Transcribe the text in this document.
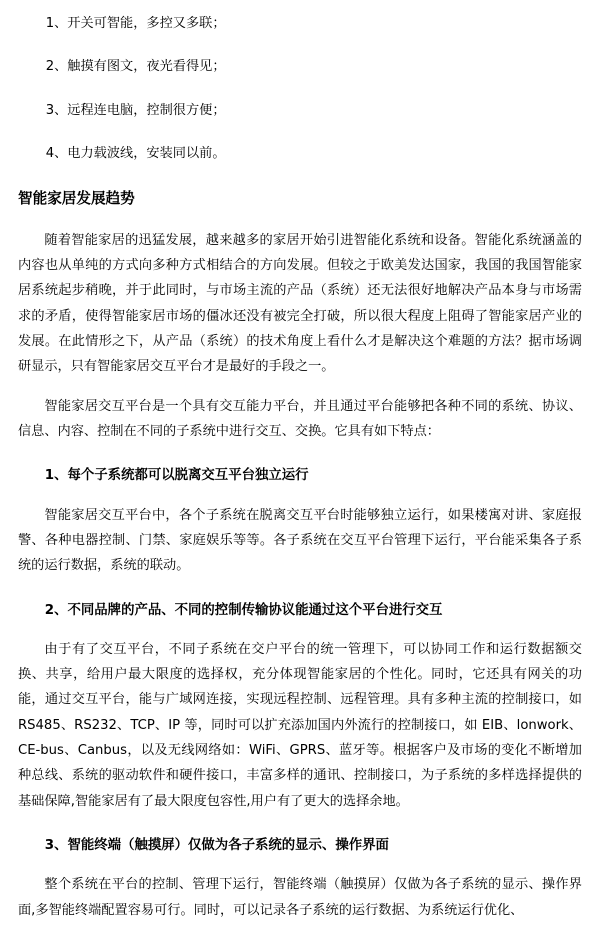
1、开关可智能，多控又多联；

2、触摸有图文，夜光看得见；

3、远程连电脑，控制很方便；

4、电力载波线，安装同以前。

智能家居发展趋势

随着智能家居的迅猛发展，越来越多的家居开始引进智能化系统和设备。智能化系统涵盖的内容也从单纯的方式向多种方式相结合的方向发展。但较之于欧美发达国家，我国的我国智能家居系统起步稍晚，并于此同时，与市场主流的产品（系统）还无法很好地解决产品本身与市场需求的矛盾，使得智能家居市场的僵冰还没有被完全打破，所以很大程度上阻碍了智能家居产业的发展。在此情形之下，从产品（系统）的技术角度上看什么才是解决这个难题的方法？据市场调研显示，只有智能家居交互平台才是最好的手段之一。

智能家居交互平台是一个具有交互能力平台，并且通过平台能够把各种不同的系统、协议、信息、内容、控制在不同的子系统中进行交互、交换。它具有如下特点：

1、每个子系统都可以脱离交互平台独立运行

智能家居交互平台中，各个子系统在脱离交互平台时能够独立运行，如果楼寓对讲、家庭报警、各种电器控制、门禁、家庭娱乐等等。各子系统在交互平台管理下运行，平台能采集各子系统的运行数据，系统的联动。

2、不同品牌的产品、不同的控制传输协议能通过这个平台进行交互

由于有了交互平台，不同子系统在交户平台的统一管理下，可以协同工作和运行数据额交换、共享，给用户最大限度的选择权，充分体现智能家居的个性化。同时，它还具有网关的功能，通过交互平台，能与广域网连接，实现远程控制、远程管理。具有多种主流的控制接口，如 RS485、RS232、TCP、IP 等，同时可以扩充添加国内外流行的控制接口，如 EIB、lonwork、CE-bus、Canbus，以及无线网络如：WiFi、GPRS、蓝牙等。根据客户及市场的变化不断增加种总线、系统的驱动软件和硬件接口，丰富多样的通讯、控制接口，为子系统的多样选择提供的基础保障,智能家居有了最大限度包容性,用户有了更大的选择余地。

3、智能终端（触摸屏）仅做为各子系统的显示、操作界面

整个系统在平台的控制、管理下运行，智能终端（触摸屏）仅做为各子系统的显示、操作界面,多智能终端配置容易可行。同时，可以记录各子系统的运行数据、为系统运行优化、
